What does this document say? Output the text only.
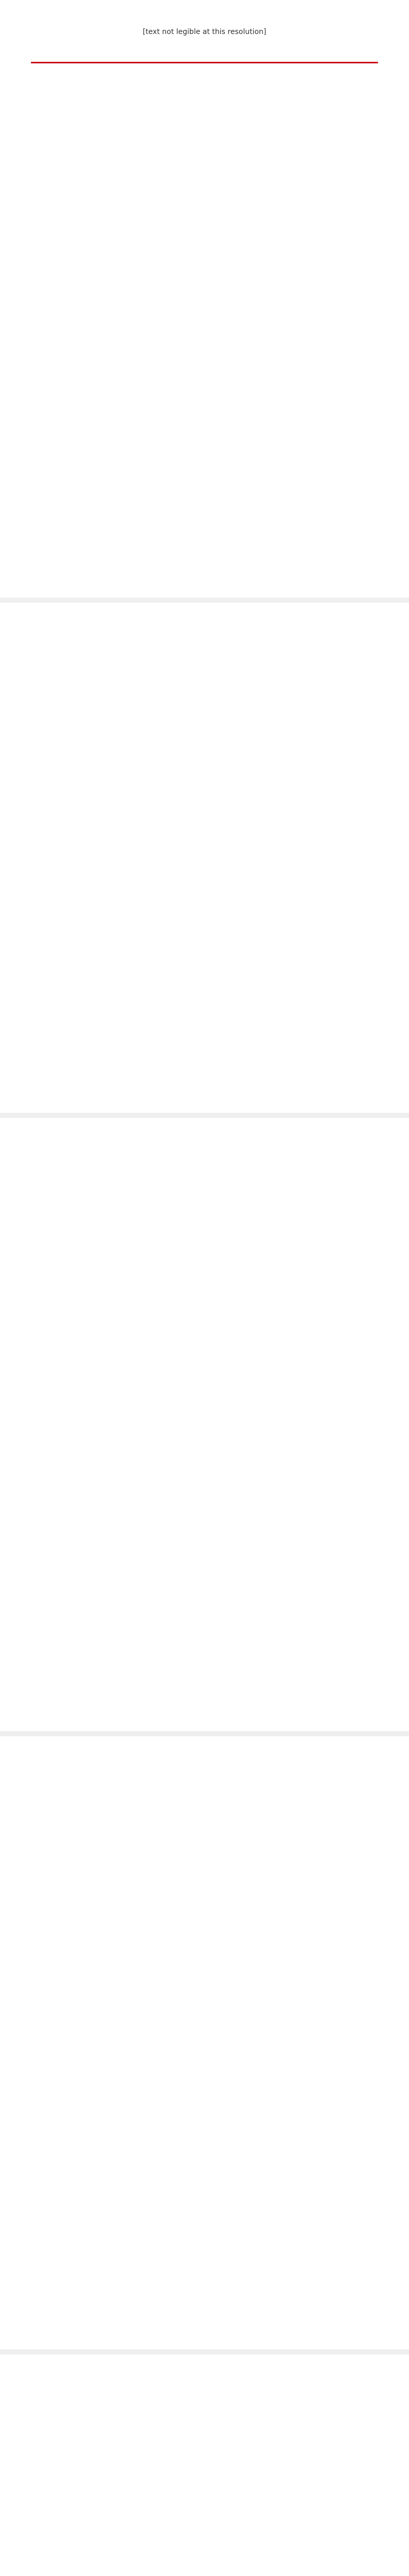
[text not legible at this resolution]
